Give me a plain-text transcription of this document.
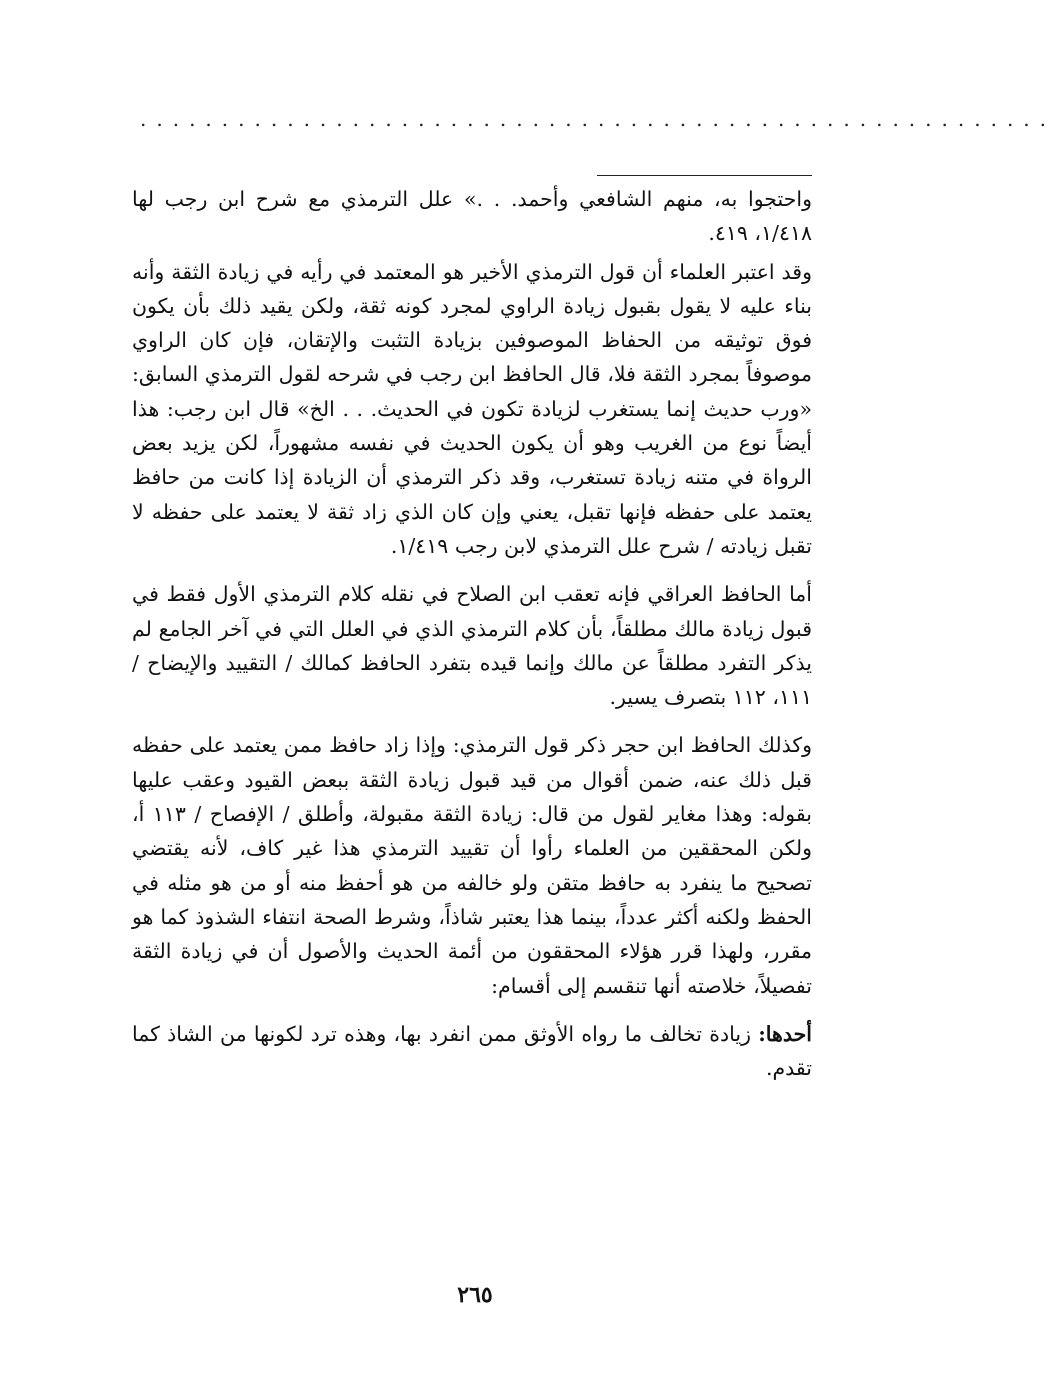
........................................................

واحتجوا به، منهم الشافعي وأحمد. . .» علل الترمذي مع شرح ابن رجب لها ١/٤١٨، ٤١٩.

وقد اعتبر العلماء أن قول الترمذي الأخير هو المعتمد في رأيه في زيادة الثقة وأنه بناء عليه لا يقول بقبول زيادة الراوي لمجرد كونه ثقة، ولكن يقيد ذلك بأن يكون فوق توثيقه من الحفاظ الموصوفين بزيادة التثبت والإتقان، فإن كان الراوي موصوفاً بمجرد الثقة فلا، قال الحافظ ابن رجب في شرحه لقول الترمذي السابق: «ورب حديث إنما يستغرب لزيادة تكون في الحديث. . . الخ» قال ابن رجب: هذا أيضاً نوع من الغريب وهو أن يكون الحديث في نفسه مشهوراً، لكن يزيد بعض الرواة في متنه زيادة تستغرب، وقد ذكر الترمذي أن الزيادة إذا كانت من حافظ يعتمد على حفظه فإنها تقبل، يعني وإن كان الذي زاد ثقة لا يعتمد على حفظه لا تقبل زيادته / شرح علل الترمذي لابن رجب ١/٤١٩.

أما الحافظ العراقي فإنه تعقب ابن الصلاح في نقله كلام الترمذي الأول فقط في قبول زيادة مالك مطلقاً، بأن كلام الترمذي الذي في العلل التي في آخر الجامع لم يذكر التفرد مطلقاً عن مالك وإنما قيده بتفرد الحافظ كمالك / التقييد والإيضاح / ١١١، ١١٢ بتصرف يسير.

وكذلك الحافظ ابن حجر ذكر قول الترمذي: وإذا زاد حافظ ممن يعتمد على حفظه قبل ذلك عنه، ضمن أقوال من قيد قبول زيادة الثقة ببعض القيود وعقب عليها بقوله: وهذا مغاير لقول من قال: زيادة الثقة مقبولة، وأطلق / الإفصاح / ١١٣ أ، ولكن المحققين من العلماء رأوا أن تقييد الترمذي هذا غير كاف، لأنه يقتضي تصحيح ما ينفرد به حافظ متقن ولو خالفه من هو أحفظ منه أو من هو مثله في الحفظ ولكنه أكثر عدداً، بينما هذا يعتبر شاذاً، وشرط الصحة انتفاء الشذوذ كما هو مقرر، ولهذا قرر هؤلاء المحققون من أئمة الحديث والأصول أن في زيادة الثقة تفصيلاً، خلاصته أنها تنقسم إلى أقسام:

أحدها: زيادة تخالف ما رواه الأوثق ممن انفرد بها، وهذه ترد لكونها من الشاذ كما تقدم.

٢٦٥
